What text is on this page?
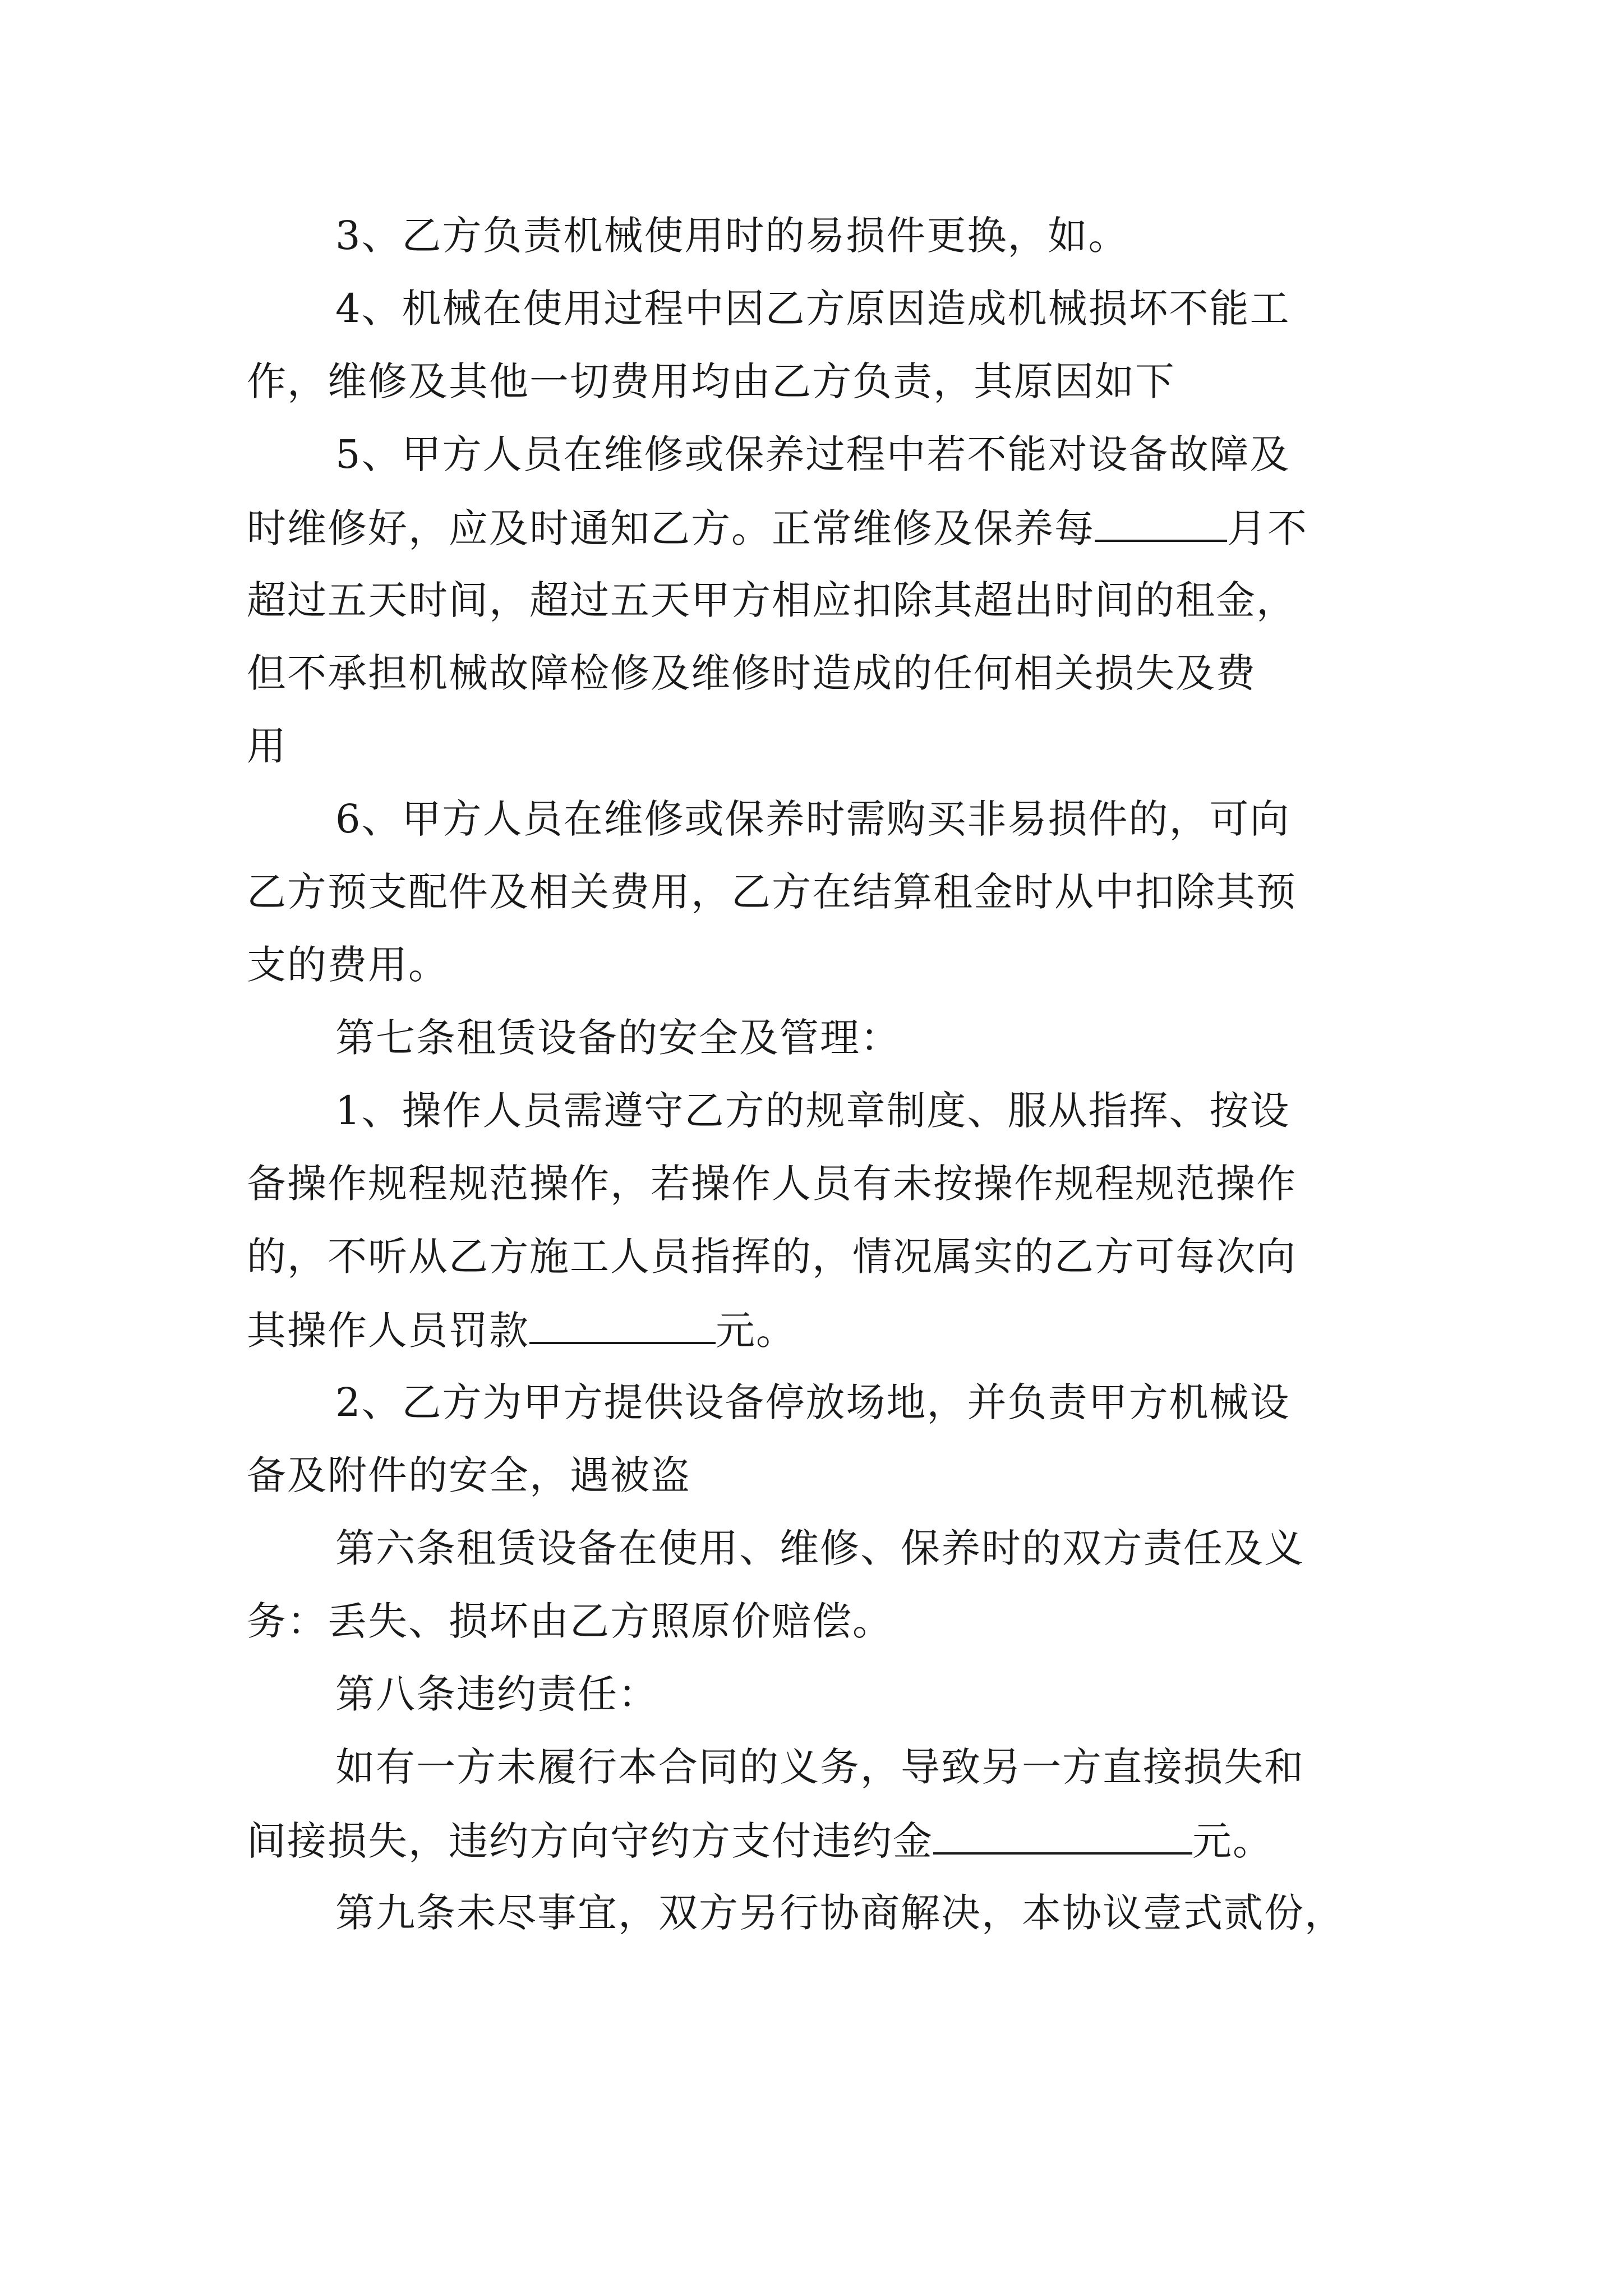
3、乙方负责机械使用时的易损件更换，如。
4、机械在使用过程中因乙方原因造成机械损坏不能工
作，维修及其他一切费用均由乙方负责，其原因如下
5、甲方人员在维修或保养过程中若不能对设备故障及
时维修好，应及时通知乙方。正常维修及保养每	月不
超过五天时间，超过五天甲方相应扣除其超出时间的租金，
但不承担机械故障检修及维修时造成的任何相关损失及费
用
6、甲方人员在维修或保养时需购买非易损件的，可向
乙方预支配件及相关费用，乙方在结算租金时从中扣除其预
支的费用。
第七条租赁设备的安全及管理：
1、操作人员需遵守乙方的规章制度、服从指挥、按设
备操作规程规范操作，若操作人员有未按操作规程规范操作
的，不听从乙方施工人员指挥的，情况属实的乙方可每次向
其操作人员罚款	元。
2、乙方为甲方提供设备停放场地，并负责甲方机械设
备及附件的安全，遇被盗
第六条租赁设备在使用、维修、保养时的双方责任及义
务：丢失、损坏由乙方照原价赔偿。
第八条违约责任：
如有一方未履行本合同的义务，导致另一方直接损失和
间接损失，违约方向守约方支付违约金	元。
第九条未尽事宜，双方另行协商解决，本协议壹式贰份，
